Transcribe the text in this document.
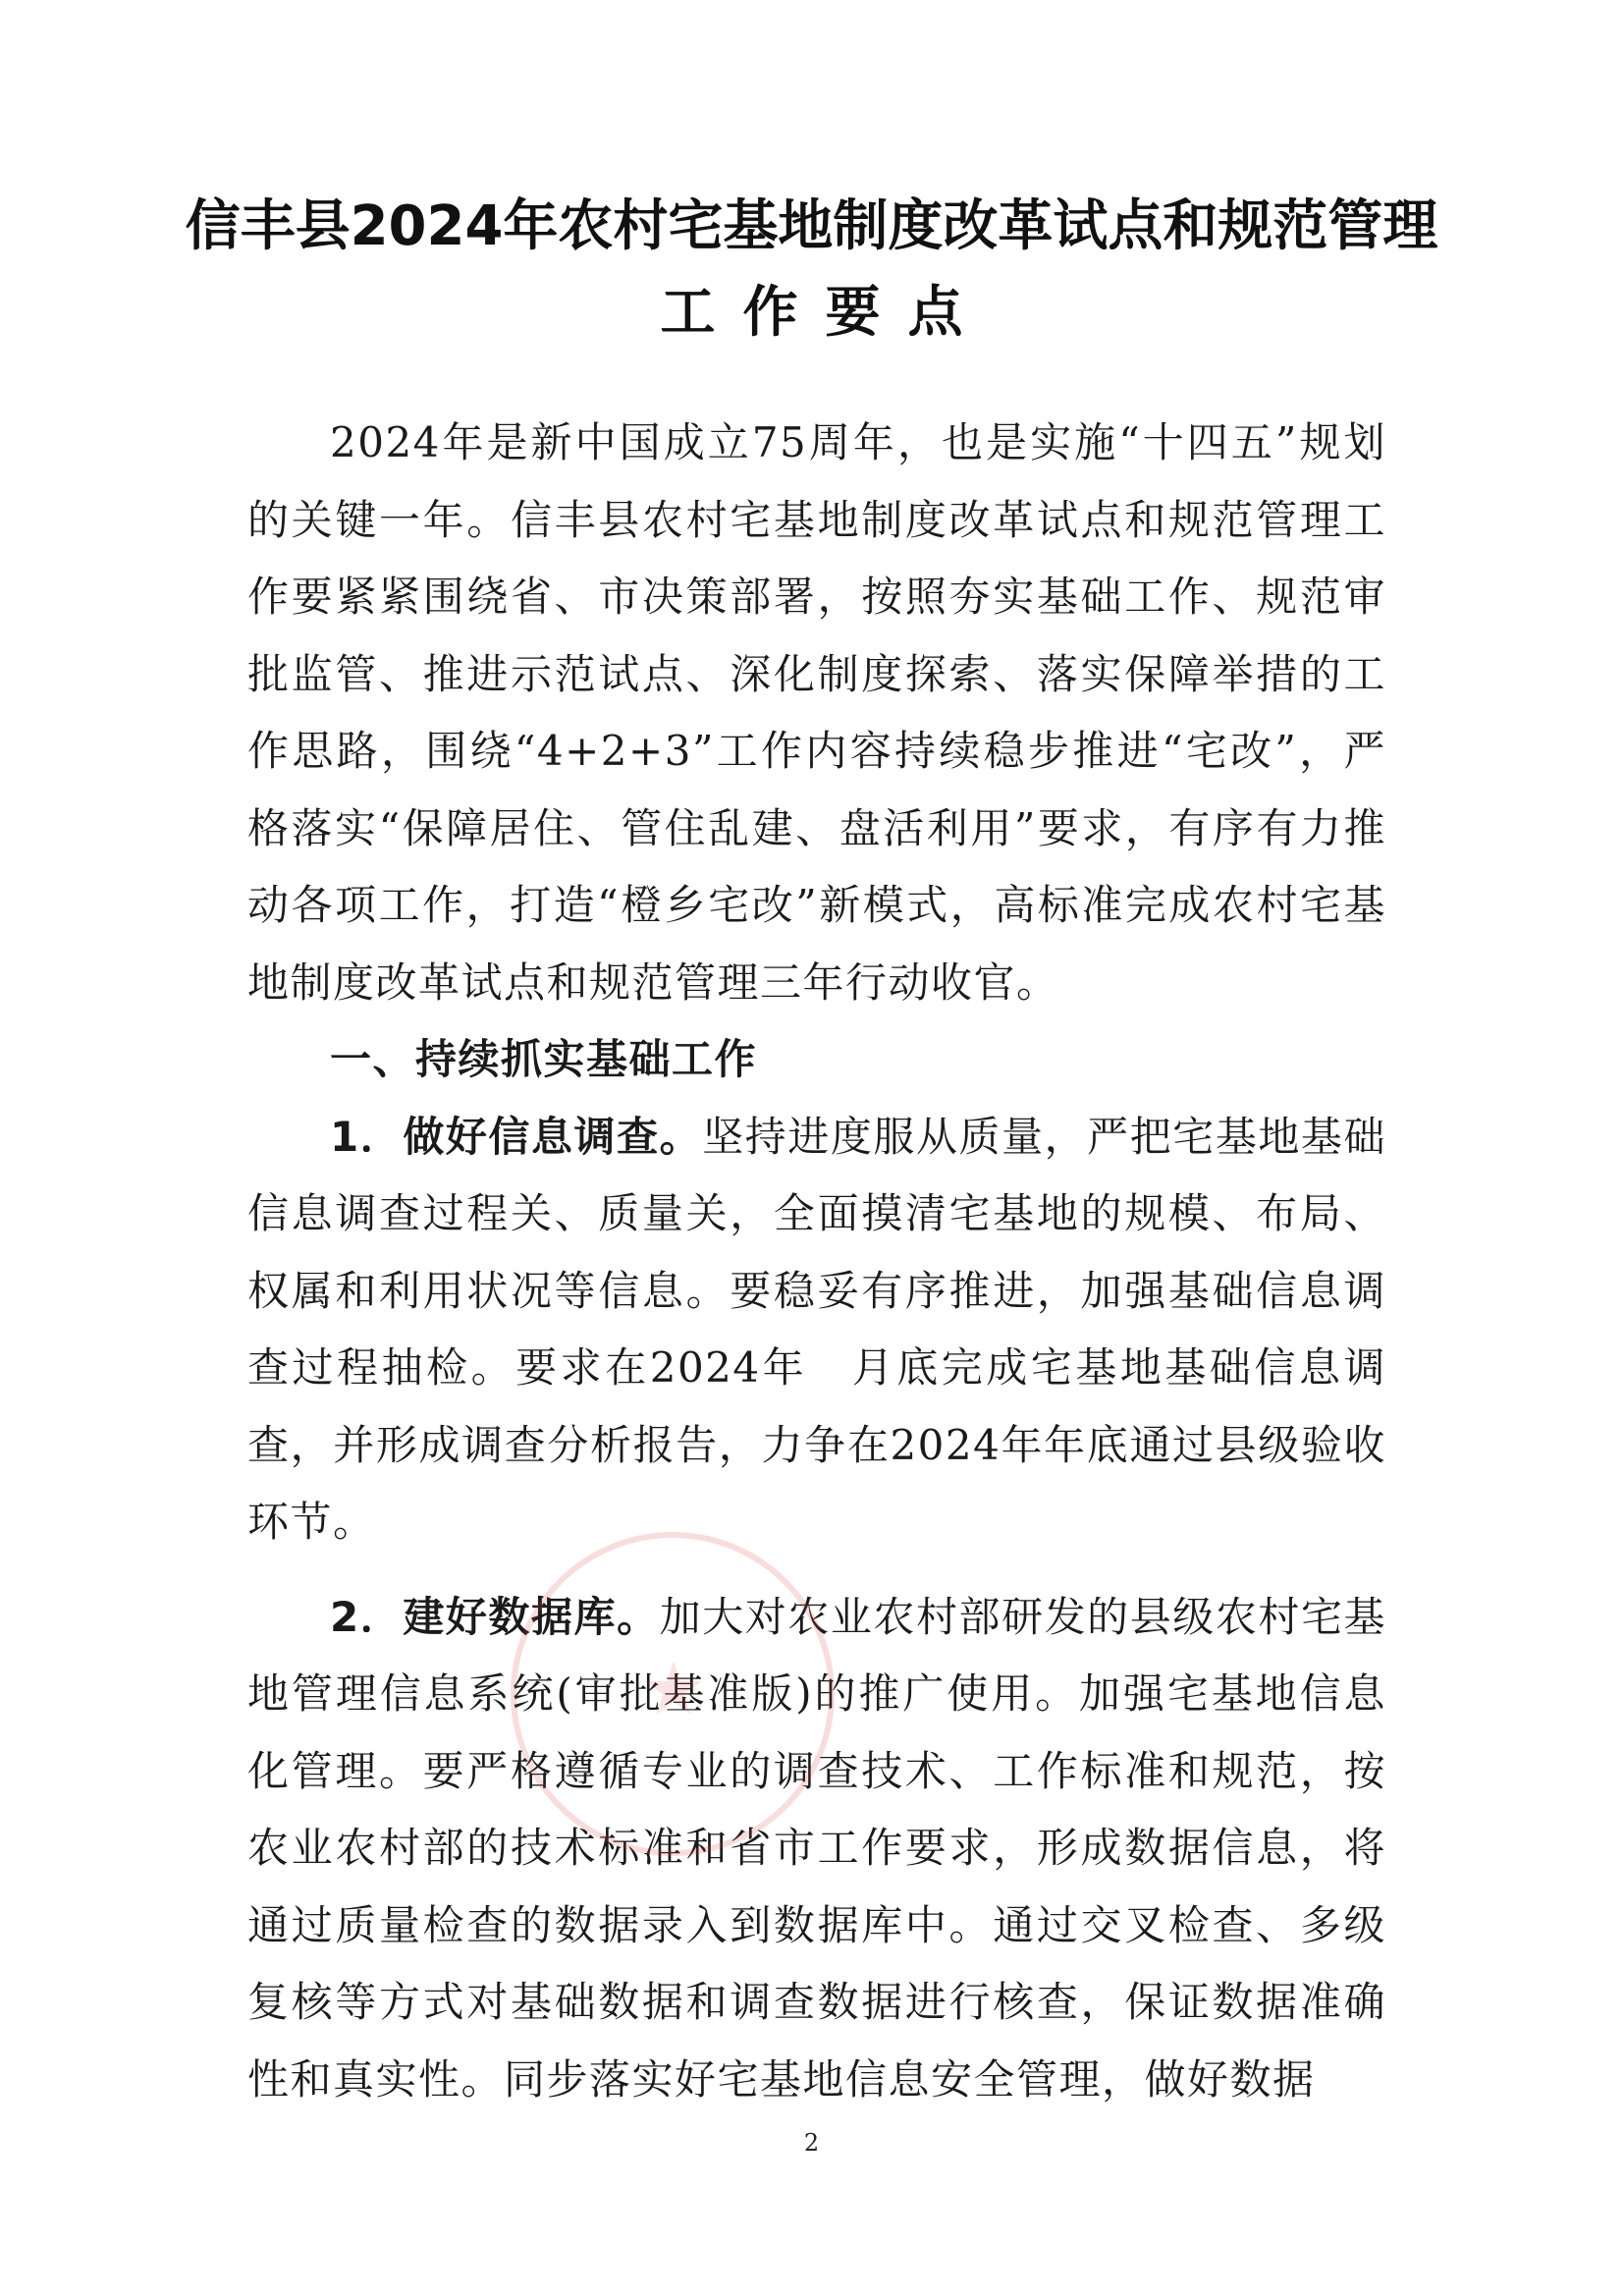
信丰县2024年农村宅基地制度改革试点和规范管理
工作要点

2024年是新中国成立75周年，也是实施“十四五”规划的关键一年。信丰县农村宅基地制度改革试点和规范管理工作要紧紧围绕省、市决策部署，按照夯实基础工作、规范审批监管、推进示范试点、深化制度探索、落实保障举措的工作思路，围绕“4+2+3”工作内容持续稳步推进“宅改”，严格落实“保障居住、管住乱建、盘活利用”要求，有序有力推动各项工作，打造“橙乡宅改”新模式，高标准完成农村宅基地制度改革试点和规范管理三年行动收官。

一、持续抓实基础工作

1．做好信息调查。坚持进度服从质量，严把宅基地基础信息调查过程关、质量关，全面摸清宅基地的规模、布局、权属和利用状况等信息。要稳妥有序推进，加强基础信息调查过程抽检。要求在2024年　月底完成宅基地基础信息调查，并形成调查分析报告，力争在2024年年底通过县级验收环节。

2．建好数据库。加大对农业农村部研发的县级农村宅基地管理信息系统(审批基准版)的推广使用。加强宅基地信息化管理。要严格遵循专业的调查技术、工作标准和规范，按农业农村部的技术标准和省市工作要求，形成数据信息，将通过质量检查的数据录入到数据库中。通过交叉检查、多级复核等方式对基础数据和调查数据进行核查，保证数据准确性和真实性。同步落实好宅基地信息安全管理，做好数据

2
